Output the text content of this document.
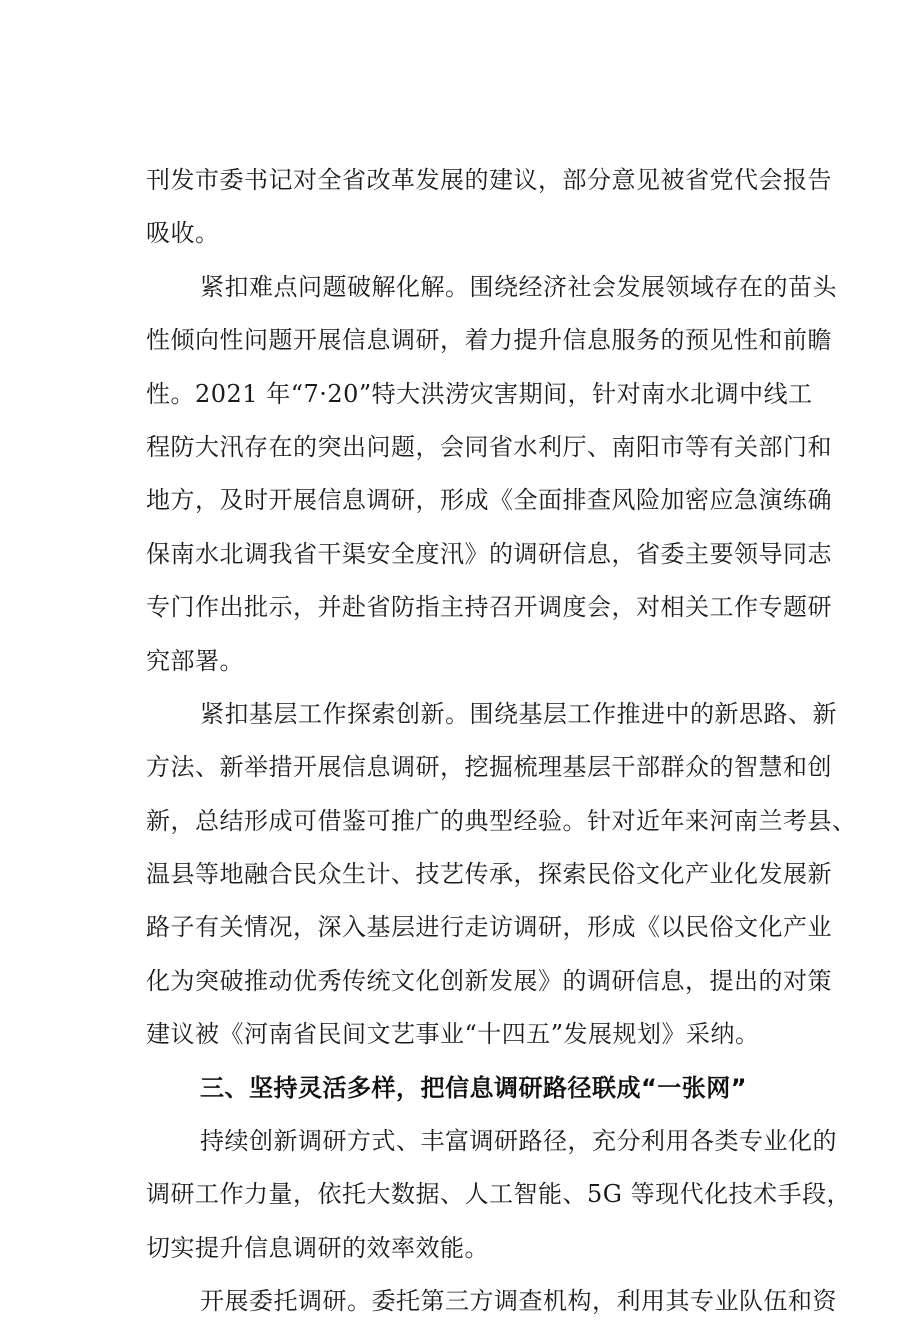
刊发市委书记对全省改革发展的建议，部分意见被省党代会报告
吸收。
紧扣难点问题破解化解。围绕经济社会发展领域存在的苗头
性倾向性问题开展信息调研，着力提升信息服务的预见性和前瞻
性。2021 年“7·20”特大洪涝灾害期间，针对南水北调中线工
程防大汛存在的突出问题，会同省水利厅、南阳市等有关部门和
地方，及时开展信息调研，形成《全面排查风险加密应急演练确
保南水北调我省干渠安全度汛》的调研信息，省委主要领导同志
专门作出批示，并赴省防指主持召开调度会，对相关工作专题研
究部署。
紧扣基层工作探索创新。围绕基层工作推进中的新思路、新
方法、新举措开展信息调研，挖掘梳理基层干部群众的智慧和创
新，总结形成可借鉴可推广的典型经验。针对近年来河南兰考县、
温县等地融合民众生计、技艺传承，探索民俗文化产业化发展新
路子有关情况，深入基层进行走访调研，形成《以民俗文化产业
化为突破推动优秀传统文化创新发展》的调研信息，提出的对策
建议被《河南省民间文艺事业“十四五”发展规划》采纳。
三、坚持灵活多样，把信息调研路径联成“一张网”
持续创新调研方式、丰富调研路径，充分利用各类专业化的
调研工作力量，依托大数据、人工智能、5G 等现代化技术手段，
切实提升信息调研的效率效能。
开展委托调研。委托第三方调查机构，利用其专业队伍和资
